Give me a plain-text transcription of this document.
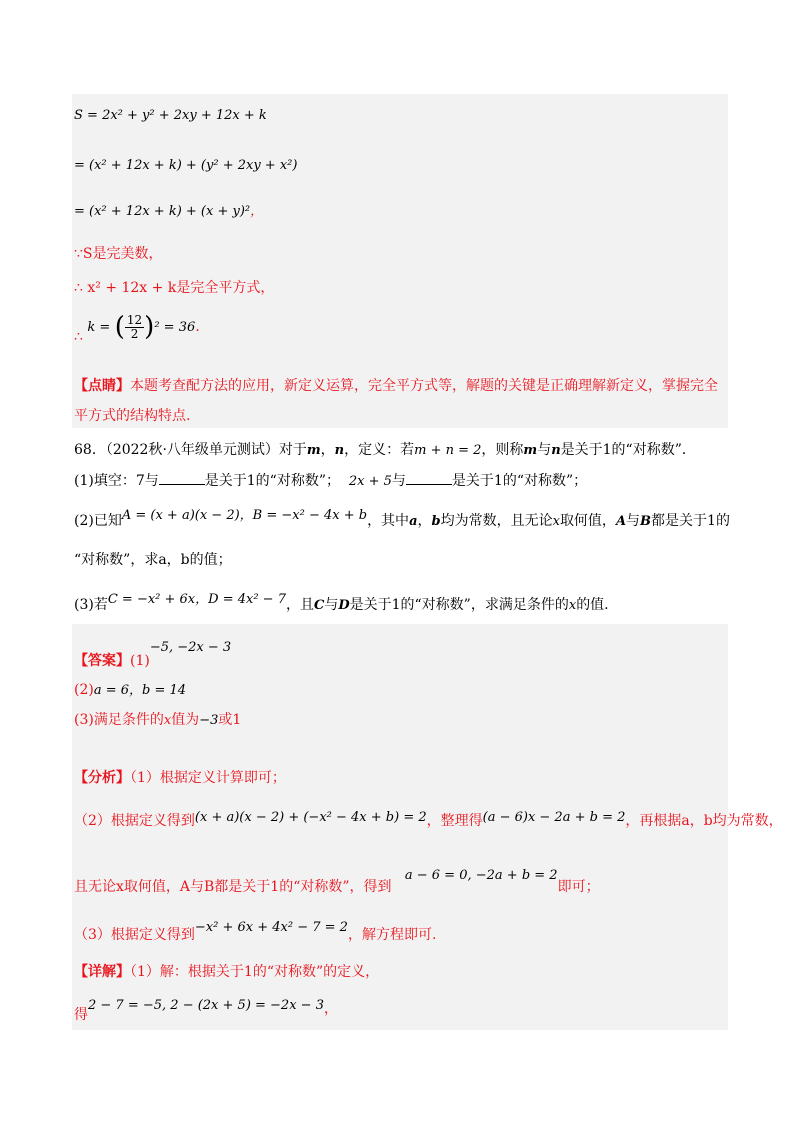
S = 2x² + y² + 2xy + 12x + k
= (x² + 12x + k) + (y² + 2xy + x²)
= (x² + 12x + k) + (x + y)²，
∵S是完美数，
∴ x² + 12x + k是完全平方式，
∴ k = ( $\frac{12}{2} )^2 = 36$.
【点睛】本题考查配方法的应用，新定义运算，完全平方式等，解题的关键是正确理解新定义，掌握完全
平方式的结构特点.
68．（2022秋·八年级单元测试）对于m，n，定义：若m + n = 2，则称m与n是关于1的“对称数”．
(1)填空：7与	是关于1的“对称数”； 2x + 5与	是关于1的“对称数”；
(2)已知A = (x + a)(x − 2)，B = −x² − 4x + b，其中a，b均为常数，且无论x取何值，A与B都是关于1的
“对称数”，求a，b的值；
(3)若C = −x² + 6x，D = 4x² − 7，且C与D是关于1的“对称数”，求满足条件的x的值.
【答案】(1)−5, −2x − 3
(2)a = 6，b = 14
(3)满足条件的x值为−3或1
【分析】（1）根据定义计算即可；
（2）根据定义得到(x + a)(x − 2) + (−x² − 4x + b) = 2，整理得(a − 6)x − 2a + b = 2，再根据a，b均为常数，
且无论x取何值，A与B都是关于1的“对称数”，得到   a − 6 = 0, −2a + b = 2即可；
（3）根据定义得到−x² + 6x + 4x² − 7 = 2，解方程即可.
【详解】（1）解：根据关于1的“对称数”的定义，
得2 − 7 = −5, 2 − (2x + 5) = −2x − 3，
